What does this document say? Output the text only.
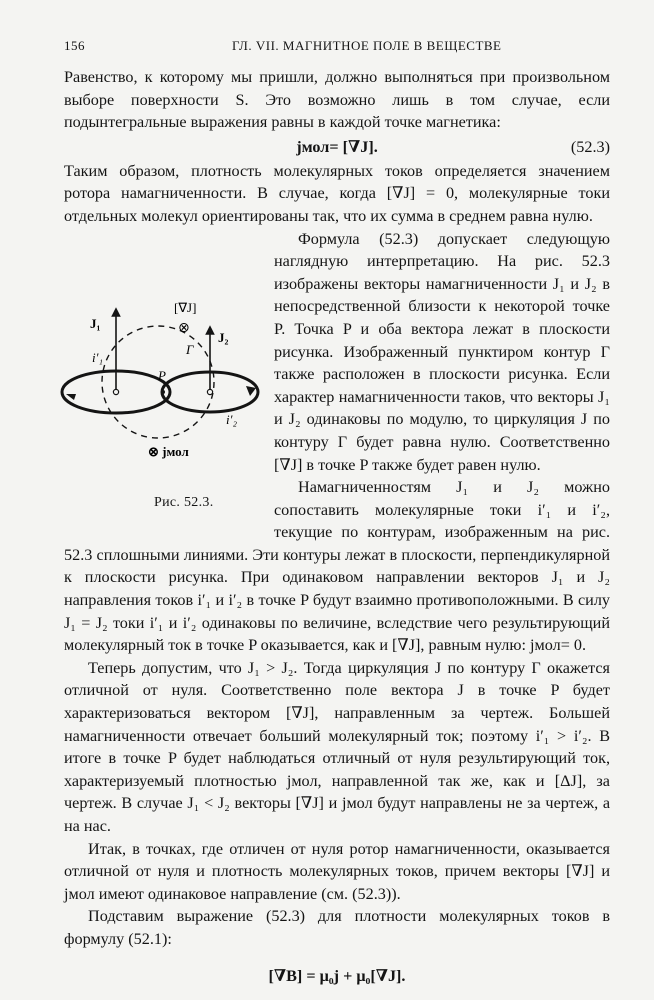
156	ГЛ. VII. МАГНИТНОЕ ПОЛЕ В ВЕЩЕСТВЕ

Равенство, к которому мы пришли, должно выполняться при произвольном выборе поверхности S. Это возможно лишь в том случае, если подынтегральные выражения равны в каждой точке магнетика:

jмол= [∇J].	(52.3)

Таким образом, плотность молекулярных токов определяется значением ротора намагниченности. В случае, когда [∇J] = 0, молекулярные токи отдельных молекул ориентированы так, что их сумма в среднем равна нулю.

[∇J]
⊗
J₁
J₂
i′₁
i′₂
Г
P
⊗ jмол
Рис. 52.3.
Формула (52.3) допускает следующую наглядную интерпретацию. На рис. 52.3 изображены векторы намагниченности J₁ и J₂ в непосредственной близости к некоторой точке P. Точка P и оба вектора лежат в плоскости рисунка. Изображенный пунктиром контур Г также расположен в плоскости рисунка. Если характер намагниченности таков, что векторы J₁ и J₂ одинаковы по модулю, то циркуляция J по контуру Г будет равна нулю. Соответственно [∇J] в точке P также будет равен нулю.

Намагниченностям J₁ и J₂ можно сопоставить молекулярные токи i′₁ и i′₂, текущие по контурам, изображенным на рис. 52.3 сплошными линиями. Эти контуры лежат в плоскости, перпендикулярной к плоскости рисунка. При одинаковом направлении векторов J₁ и J₂ направления токов i′₁ и i′₂ в точке P будут взаимно противоположными. В силу J₁ = J₂ токи i′₁ и i′₂ одинаковы по величине, вследствие чего результирующий молекулярный ток в точке P оказывается, как и [∇J], равным нулю: jмол= 0.

Теперь допустим, что J₁ > J₂. Тогда циркуляция J по контуру Г окажется отличной от нуля. Соответственно поле вектора J в точке P будет характеризоваться вектором [∇J], направленным за чертеж. Большей намагниченности отвечает больший молекулярный ток; поэтому i′₁ > i′₂. В итоге в точке P будет наблюдаться отличный от нуля результирующий ток, характеризуемый плотностью jмол, направленной так же, как и [ΔJ], за чертеж. В случае J₁ < J₂ векторы [∇J] и jмол будут направлены не за чертеж, а на нас.

Итак, в точках, где отличен от нуля ротор намагниченности, оказывается отличной от нуля и плотность молекулярных токов, причем векторы [∇J] и jмол имеют одинаковое направление (см. (52.3)).

Подставим выражение (52.3) для плотности молекулярных токов в формулу (52.1):

[∇B] = μ₀j + μ₀[∇J].
